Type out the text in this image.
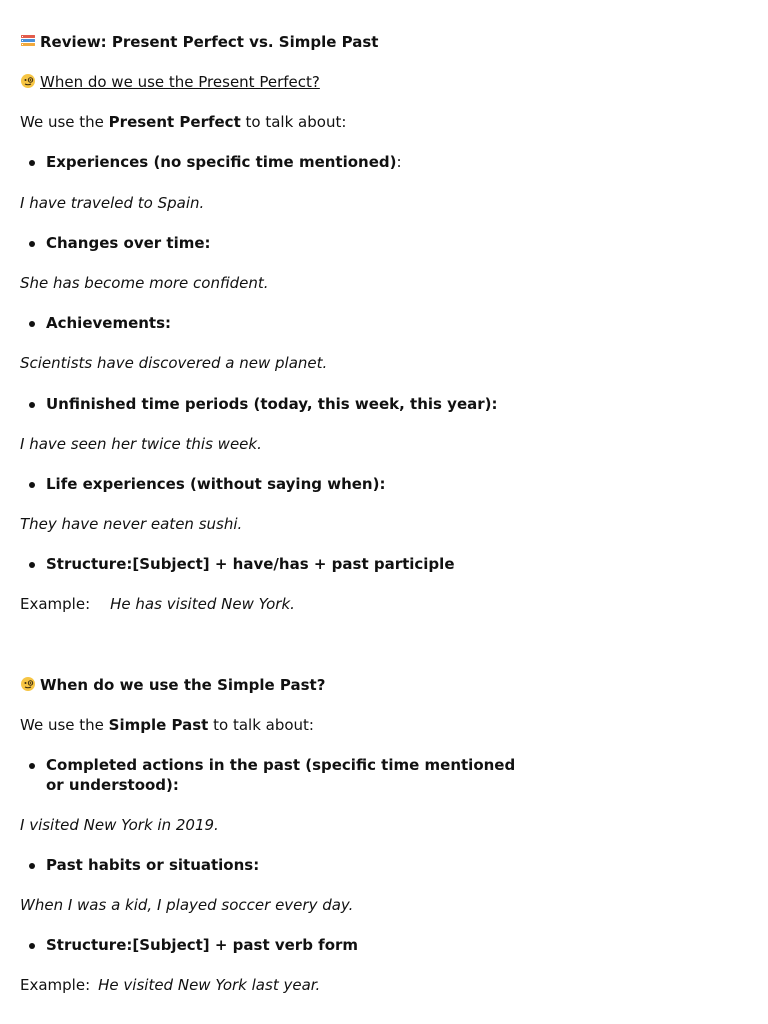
Review: Present Perfect vs. Simple Past
When do we use the Present Perfect?
We use the Present Perfect to talk about:
Experiences (no specific time mentioned):
I have traveled to Spain.
Changes over time:
She has become more confident.
Achievements:
Scientists have discovered a new planet.
Unfinished time periods (today, this week, this year):
I have seen her twice this week.
Life experiences (without saying when):
They have never eaten sushi.
Structure:[Subject] + have/has + past participle
Example: He has visited New York.
When do we use the Simple Past?
We use the Simple Past to talk about:
Completed actions in the past (specific time mentioned or understood):
I visited New York in 2019.
Past habits or situations:
When I was a kid, I played soccer every day.
Structure:[Subject] + past verb form
Example: He visited New York last year.
